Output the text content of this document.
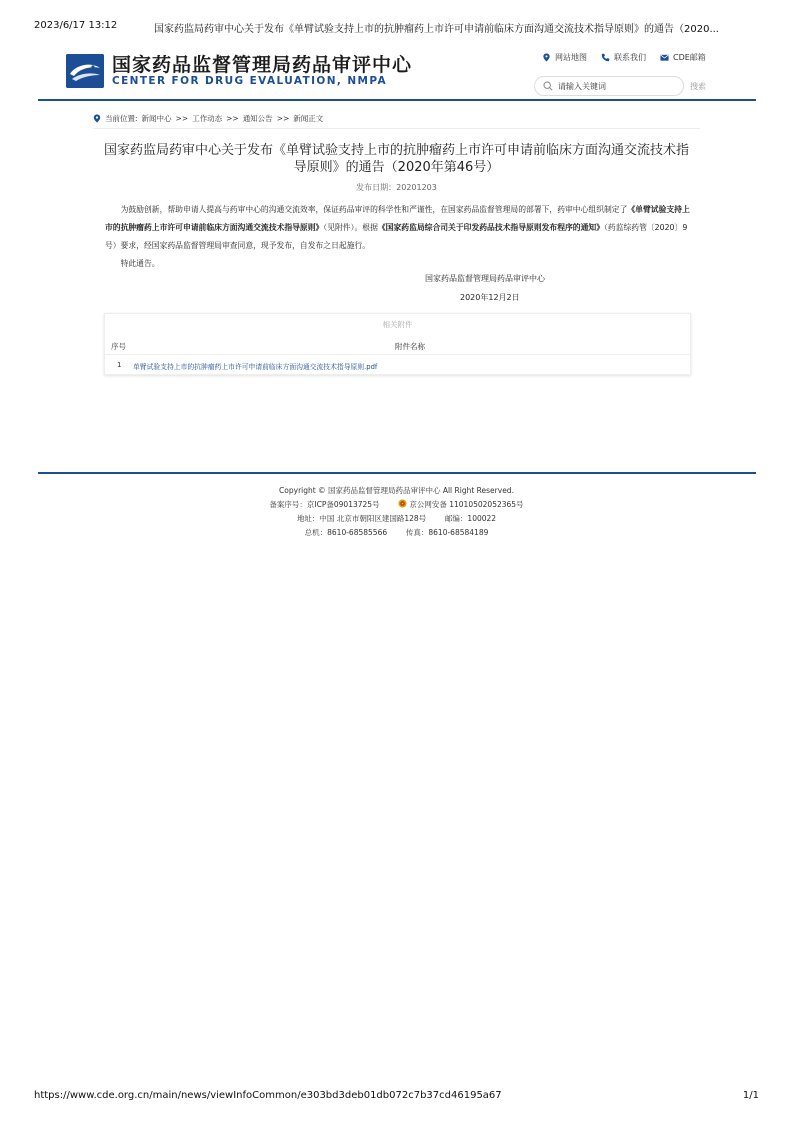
2023/6/17 13:12	国家药监局药审中心关于发布《单臂试验支持上市的抗肿瘤药上市许可申请前临床方面沟通交流技术指导原则》的通告（2020...
国家药品监督管理局药品审评中心
CENTER FOR DRUG EVALUATION, NMPA
网站地图	联系我们	CDE邮箱
请输入关键词
搜索
当前位置: 新闻中心 >> 工作动态 >> 通知公告 >> 新闻正文
国家药监局药审中心关于发布《单臂试验支持上市的抗肿瘤药上市许可申请前临床方面沟通交流技术指导原则》的通告（2020年第46号）
发布日期：20201203

为鼓励创新，帮助申请人提高与药审中心的沟通交流效率，保证药品审评的科学性和严谨性，在国家药品监督管理局的部署下，药审中心组织制定了《单臂试验支持上市的抗肿瘤药上市许可申请前临床方面沟通交流技术指导原则》（见附件）。根据《国家药监局综合司关于印发药品技术指导原则发布程序的通知》（药监综药管〔2020〕9号）要求，经国家药品监督管理局审查同意，现予发布，自发布之日起施行。

特此通告。

国家药品监督管理局药品审评中心
2020年12月2日
相关附件
序号	附件名称
1 单臂试验支持上市的抗肿瘤药上市许可申请前临床方面沟通交流技术指导原则.pdf
Copyright © 国家药品监督管理局药品审评中心 All Right Reserved.
备案序号：京ICP备09013725号	京公网安备 11010502052365号
地址：中国 北京市朝阳区建国路128号	邮编：100022
总机：8610-68585566	传真：8610-68584189
https://www.cde.org.cn/main/news/viewInfoCommon/e303bd3deb01db072c7b37cd46195a67	1/1
